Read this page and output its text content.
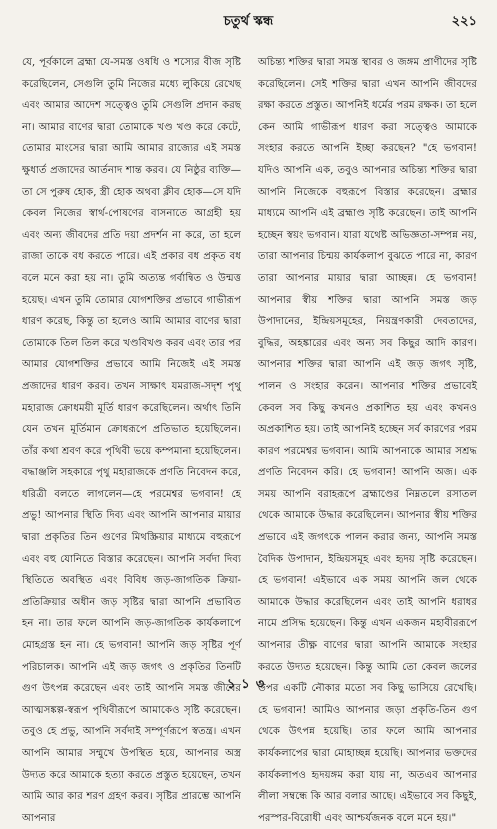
চতুর্থ স্কন্ধ	২২১

যে, পূর্বকালে ব্রহ্মা যে-সমস্ত ওষধি ও শস্যের বীজ সৃষ্টি করেছিলেন, সেগুলি তুমি নিজের মধ্যে লুকিয়ে রেখেছ এবং আমার আদেশ সত্ত্বেও তুমি সেগুলি প্রদান করছ না। আমার বাণের দ্বারা তোমাকে খণ্ড খণ্ড করে কেটে, তোমার মাংসের দ্বারা আমি আমার রাজ্যের এই সমস্ত ক্ষুধার্ত প্রজাদের আর্তনাদ শান্ত করব। যে নিষ্ঠুর ব্যক্তি—তা সে পুরুষ হোক, স্ত্রী হোক অথবা ক্লীব হোক—সে যদি কেবল নিজের স্বার্থ-পোষণের বাসনাতে আগ্রহী হয় এবং অন্য জীবদের প্রতি দয়া প্রদর্শন না করে, তা হলে রাজা তাকে বধ করতে পারে। এই প্রকার বধ প্রকৃত বধ বলে মনে করা হয় না। তুমি অত্যন্ত গর্বান্বিত ও উন্মত্ত হয়েছ। এখন তুমি তোমার যোগশক্তির প্রভাবে গাভীরূপ ধারণ করেছ, কিন্তু তা হলেও আমি আমার বাণের দ্বারা তোমাকে তিল তিল করে খণ্ডবিখণ্ড করব এবং তার পর আমার যোগশক্তির প্রভাবে আমি নিজেই এই সমস্ত প্রজাদের ধারণ করব। তখন সাক্ষাৎ যমরাজ-সদৃশ পৃথু মহারাজ ক্রোধময়ী মূর্তি ধারণ করেছিলেন। অর্থাৎ তিনি যেন তখন মূর্তিমান ক্রোধরূপে প্রতিভাত হয়েছিলেন। তাঁর কথা শ্রবণ করে পৃথিবী ভয়ে কম্পমানা হয়েছিলেন। বদ্ধাঞ্জলি সহকারে পৃথু মহারাজকে প্রণতি নিবেদন করে, ধরিত্রী বলতে লাগলেন—হে পরমেশ্বর ভগবান! হে প্রভু! আপনার স্থিতি দিব্য এবং আপনি আপনার মায়ার দ্বারা প্রকৃতির তিন গুণের মিথস্ক্রিয়ার মাধ্যমে বহুরূপে এবং বহু যোনিতে বিস্তার করেছেন। আপনি সর্বদা দিব্য স্থিতিতে অবস্থিত এবং বিবিধ জড়-জাগতিক ক্রিয়া-প্রতিক্রিয়ার অধীন জড় সৃষ্টির দ্বারা আপনি প্রভাবিত হন না। তার ফলে আপনি জড়-জাগতিক কার্যকলাপে মোহগ্রস্ত হন না। হে ভগবান! আপনি জড় সৃষ্টির পূর্ণ পরিচালক। আপনি এই জড় জগৎ ও প্রকৃতির তিনটি গুণ উৎপন্ন করেছেন এবং তাই আপনি সমস্ত জীবের আত্মসঙ্কল্প-স্বরূপ পৃথিবীরূপে আমাকেও সৃষ্টি করেছেন। তবুও হে প্রভু, আপনি সর্বদাই সম্পূর্ণরূপে স্বতন্ত্র। এখন আপনি আমার সম্মুখে উপস্থিত হয়ে, আপনার অস্ত্র উদ্যত করে আমাকে হত্যা করতে প্রস্তুত হয়েছেন, তখন আমি আর কার শরণ গ্রহণ করব। সৃষ্টির প্রারম্ভে আপনি আপনার

অচিন্ত্য শক্তির দ্বারা সমস্ত স্থাবর ও জঙ্গম প্রাণীদের সৃষ্টি করেছিলেন। সেই শক্তির দ্বারা এখন আপনি জীবদের রক্ষা করতে প্রস্তুত। আপনিই ধর্মের পরম রক্ষক। তা হলে কেন আমি গাভীরূপ ধারণ করা সত্ত্বেও আমাকে সংহার করতে আপনি ইচ্ছা করছেন? "হে ভগবান! যদিও আপনি এক, তবুও আপনার অচিন্ত্য শক্তির দ্বারা আপনি নিজেকে বহুরূপে বিস্তার করেছেন। ব্রহ্মার মাধ্যমে আপনি এই ব্রহ্মাণ্ড সৃষ্টি করেছেন। তাই আপনি হচ্ছেন স্বয়ং ভগবান। যারা যথেষ্ট অভিজ্ঞতা-সম্পন্ন নয়, তারা আপনার চিন্ময় কার্যকলাপ বুঝতে পারে না, কারণ তারা আপনার মায়ার দ্বারা আচ্ছন্ন। হে ভগবান! আপনার স্বীয় শক্তির দ্বারা আপনি সমস্ত জড় উপাদানের, ইন্দ্রিয়সমূহের, নিয়ন্ত্রণকারী দেবতাদের, বুদ্ধির, অহঙ্কারের এবং অন্য সব কিছুর আদি কারণ। আপনার শক্তির দ্বারা আপনি এই জড় জগৎ সৃষ্টি, পালন ও সংহার করেন। আপনার শক্তির প্রভাবেই কেবল সব কিছু কখনও প্রকাশিত হয় এবং কখনও অপ্রকাশিত হয়। তাই আপনিই হচ্ছেন সর্ব কারণের পরম কারণ পরমেশ্বর ভগবান। আমি আপনাকে আমার সশ্রদ্ধ প্রণতি নিবেদন করি। হে ভগবান! আপনি অজ। এক সময় আপনি বরাহরূপে ব্রহ্মাণ্ডের নিম্নতলে রসাতল থেকে আমাকে উদ্ধার করেছিলেন। আপনার স্বীয় শক্তির প্রভাবে এই জগৎকে পালন করার জন্য, আপনি সমস্ত বৈদিক উপাদান, ইন্দ্রিয়সমূহ এবং হৃদয় সৃষ্টি করেছেন। হে ভগবান! এইভাবে এক সময় আপনি জল থেকে আমাকে উদ্ধার করেছিলেন এবং তাই আপনি ধরাধর নামে প্রসিদ্ধ হয়েছেন। কিন্তু এখন একজন মহাবীররূপে আপনার তীক্ষ্ণ বাণের দ্বারা আপনি আমাকে সংহার করতে উদ্যত হয়েছেন। কিন্তু আমি তো কেবল জলের উপর একটি নৌকার মতো সব কিছু ভাসিয়ে রেখেছি। হে ভগবান! আমিও আপনার জড়া প্রকৃতি-তিন গুণ থেকে উৎপন্ন হয়েছি। তার ফলে আমি আপনার কার্যকলাপের দ্বারা মোহাচ্ছন্ন হয়েছি। আপনার ভক্তদের কার্যকলাপও হৃদয়ঙ্গম করা যায় না, অতএব আপনার লীলা সম্বন্ধে কি আর বলার আছে। এইভাবে সব কিছুই, পরস্পর-বিরোধী এবং আশ্চর্যজনক বলে মনে হয়।"

১১৩
